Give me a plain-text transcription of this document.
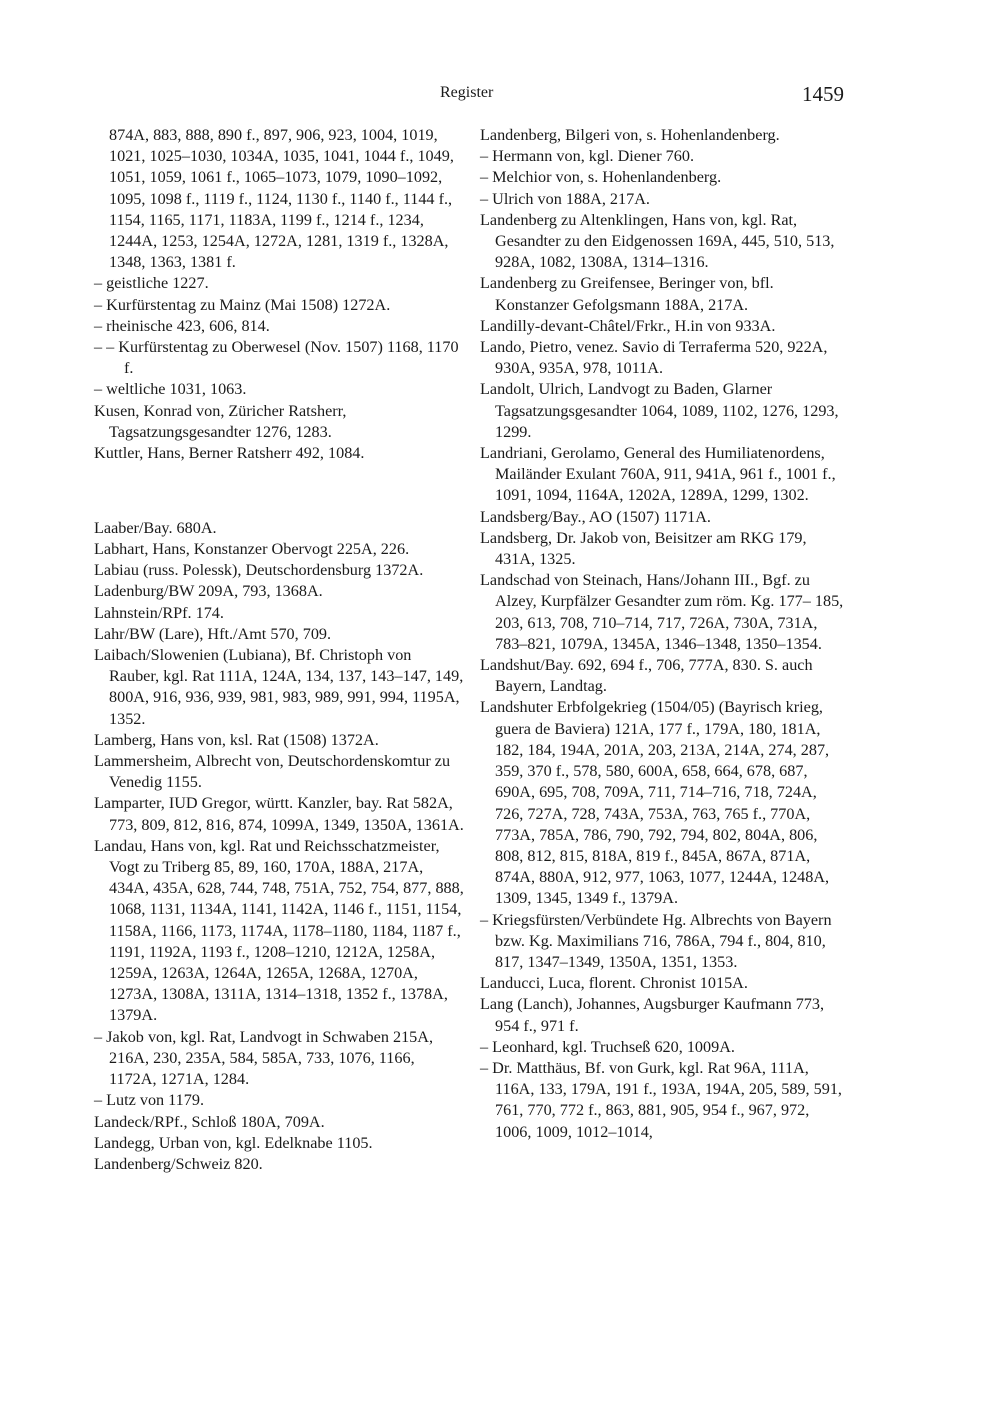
Register	1459

874A, 883, 888, 890 f., 897, 906, 923, 1004, 1019, 1021, 1025–1030, 1034A, 1035, 1041, 1044 f., 1049, 1051, 1059, 1061 f., 1065–1073, 1079, 1090–1092, 1095, 1098 f., 1119 f., 1124, 1130 f., 1140 f., 1144 f., 1154, 1165, 1171, 1183A, 1199 f., 1214 f., 1234, 1244A, 1253, 1254A, 1272A, 1281, 1319 f., 1328A, 1348, 1363, 1381 f.

– geistliche 1227.

– Kurfürstentag zu Mainz (Mai 1508) 1272A.

– rheinische 423, 606, 814.

– – Kurfürstentag zu Oberwesel (Nov. 1507) 1168, 1170 f.

– weltliche 1031, 1063.

Kusen, Konrad von, Züricher Ratsherr, Tagsatzungsgesandter 1276, 1283.

Kuttler, Hans, Berner Ratsherr 492, 1084.

Laaber/Bay. 680A.

Labhart, Hans, Konstanzer Obervogt 225A, 226.

Labiau (russ. Polessk), Deutschordensburg 1372A.

Ladenburg/BW 209A, 793, 1368A.

Lahnstein/RPf. 174.

Lahr/BW (Lare), Hft./Amt 570, 709.

Laibach/Slowenien (Lubiana), Bf. Christoph von Rauber, kgl. Rat 111A, 124A, 134, 137, 143–147, 149, 800A, 916, 936, 939, 981, 983, 989, 991, 994, 1195A, 1352.

Lamberg, Hans von, ksl. Rat (1508) 1372A.

Lammersheim, Albrecht von, Deutschordenskomtur zu Venedig 1155.

Lamparter, IUD Gregor, württ. Kanzler, bay. Rat 582A, 773, 809, 812, 816, 874, 1099A, 1349, 1350A, 1361A.

Landau, Hans von, kgl. Rat und Reichsschatzmeister, Vogt zu Triberg 85, 89, 160, 170A, 188A, 217A, 434A, 435A, 628, 744, 748, 751A, 752, 754, 877, 888, 1068, 1131, 1134A, 1141, 1142A, 1146 f., 1151, 1154, 1158A, 1166, 1173, 1174A, 1178–1180, 1184, 1187 f., 1191, 1192A, 1193 f., 1208–1210, 1212A, 1258A, 1259A, 1263A, 1264A, 1265A, 1268A, 1270A, 1273A, 1308A, 1311A, 1314–1318, 1352 f., 1378A, 1379A.

– Jakob von, kgl. Rat, Landvogt in Schwaben 215A, 216A, 230, 235A, 584, 585A, 733, 1076, 1166, 1172A, 1271A, 1284.

– Lutz von 1179.

Landeck/RPf., Schloß 180A, 709A.

Landegg, Urban von, kgl. Edelknabe 1105.

Landenberg/Schweiz 820.

Landenberg, Bilgeri von, s. Hohenlandenberg.

– Hermann von, kgl. Diener 760.

– Melchior von, s. Hohenlandenberg.

– Ulrich von 188A, 217A.

Landenberg zu Altenklingen, Hans von, kgl. Rat, Gesandter zu den Eidgenossen 169A, 445, 510, 513, 928A, 1082, 1308A, 1314–1316.

Landenberg zu Greifensee, Beringer von, bfl. Konstanzer Gefolgsmann 188A, 217A.

Landilly-devant-Châtel/Frkr., H.in von 933A.

Lando, Pietro, venez. Savio di Terraferma 520, 922A, 930A, 935A, 978, 1011A.

Landolt, Ulrich, Landvogt zu Baden, Glarner Tagsatzungsgesandter 1064, 1089, 1102, 1276, 1293, 1299.

Landriani, Gerolamo, General des Humiliatenordens, Mailänder Exulant 760A, 911, 941A, 961 f., 1001 f., 1091, 1094, 1164A, 1202A, 1289A, 1299, 1302.

Landsberg/Bay., AO (1507) 1171A.

Landsberg, Dr. Jakob von, Beisitzer am RKG 179, 431A, 1325.

Landschad von Steinach, Hans/Johann III., Bgf. zu Alzey, Kurpfälzer Gesandter zum röm. Kg. 177– 185, 203, 613, 708, 710–714, 717, 726A, 730A, 731A, 783–821, 1079A, 1345A, 1346–1348, 1350–1354.

Landshut/Bay. 692, 694 f., 706, 777A, 830. S. auch Bayern, Landtag.

Landshuter Erbfolgekrieg (1504/05) (Bayrisch krieg, guera de Baviera) 121A, 177 f., 179A, 180, 181A, 182, 184, 194A, 201A, 203, 213A, 214A, 274, 287, 359, 370 f., 578, 580, 600A, 658, 664, 678, 687, 690A, 695, 708, 709A, 711, 714–716, 718, 724A, 726, 727A, 728, 743A, 753A, 763, 765 f., 770A, 773A, 785A, 786, 790, 792, 794, 802, 804A, 806, 808, 812, 815, 818A, 819 f., 845A, 867A, 871A, 874A, 880A, 912, 977, 1063, 1077, 1244A, 1248A, 1309, 1345, 1349 f., 1379A.

– Kriegsfürsten/Verbündete Hg. Albrechts von Bayern bzw. Kg. Maximilians 716, 786A, 794 f., 804, 810, 817, 1347–1349, 1350A, 1351, 1353.

Landucci, Luca, florent. Chronist 1015A.

Lang (Lanch), Johannes, Augsburger Kaufmann 773, 954 f., 971 f.

– Leonhard, kgl. Truchseß 620, 1009A.

– Dr. Matthäus, Bf. von Gurk, kgl. Rat 96A, 111A, 116A, 133, 179A, 191 f., 193A, 194A, 205, 589, 591, 761, 770, 772 f., 863, 881, 905, 954 f., 967, 972, 1006, 1009, 1012–1014,
